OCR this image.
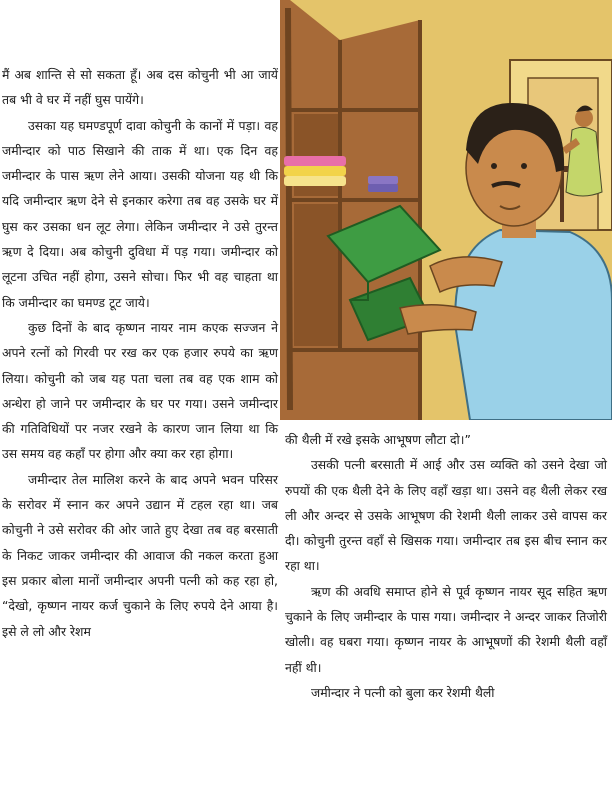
मैं अब शान्ति से सो सकता हूँ। अब दस कोचुनी भी आ जायें तब भी वे घर में नहीं घुस पायेंगे।

उसका यह घमण्डपूर्ण दावा कोचुनी के कानों में पड़ा। वह जमीन्दार को पाठ सिखाने की ताक में था। एक दिन वह जमीन्दार के पास ऋण लेने आया। उसकी योजना यह थी कि यदि जमीन्दार ऋण देने से इनकार करेगा तब वह उसके घर में घुस कर उसका धन लूट लेगा। लेकिन जमीन्दार ने उसे तुरन्त ऋण दे दिया। अब कोचुनी दुविधा में पड़ गया। जमीन्दार को लूटना उचित नहीं होगा, उसने सोचा। फिर भी वह चाहता था कि जमीन्दार का घमण्ड टूट जाये।

कुछ दिनों के बाद कृष्णन नायर नाम कएक सज्जन ने अपने रत्नों को गिरवी पर रख कर एक हजार रुपये का ऋण लिया। कोचुनी को जब यह पता चला तब वह एक शाम को अन्धेरा हो जाने पर जमीन्दार के घर पर गया। उसने जमीन्दार की गतिविधियों पर नजर रखने के कारण जान लिया था कि उस समय वह कहाँ पर होगा और क्या कर रहा होगा।

जमीन्दार तेल मालिश करने के बाद अपने भवन परिसर के सरोवर में स्नान कर अपने उद्यान में टहल रहा था। जब कोचुनी ने उसे सरोवर की ओर जाते हुए देखा तब वह बरसाती के निकट जाकर जमीन्दार की आवाज की नकल करता हुआ इस प्रकार बोला मानों जमीन्दार अपनी पत्नी को कह रहा हो, “देखो, कृष्णन नायर कर्ज चुकाने के लिए रुपये देने आया है। इसे ले लो और रेशम

की थैली में रखे इसके आभूषण लौटा दो।”

उसकी पत्नी बरसाती में आई और उस व्यक्ति को उसने देखा जो रुपयों की एक थैली देने के लिए वहाँ खड़ा था। उसने वह थैली लेकर रख ली और अन्दर से उसके आभूषण की रेशमी थैली लाकर उसे वापस कर दी। कोचुनी तुरन्त वहाँ से खिसक गया। जमीन्दार तब इस बीच स्नान कर रहा था।

ऋण की अवधि समाप्त होने से पूर्व कृष्णन नायर सूद सहित ऋण चुकाने के लिए जमीन्दार के पास गया। जमीन्दार ने अन्दर जाकर तिजोरी खोली। वह घबरा गया। कृष्णन नायर के आभूषणों की रेशमी थैली वहाँ नहीं थी।

जमीन्दार ने पत्नी को बुला कर रेशमी थैली
